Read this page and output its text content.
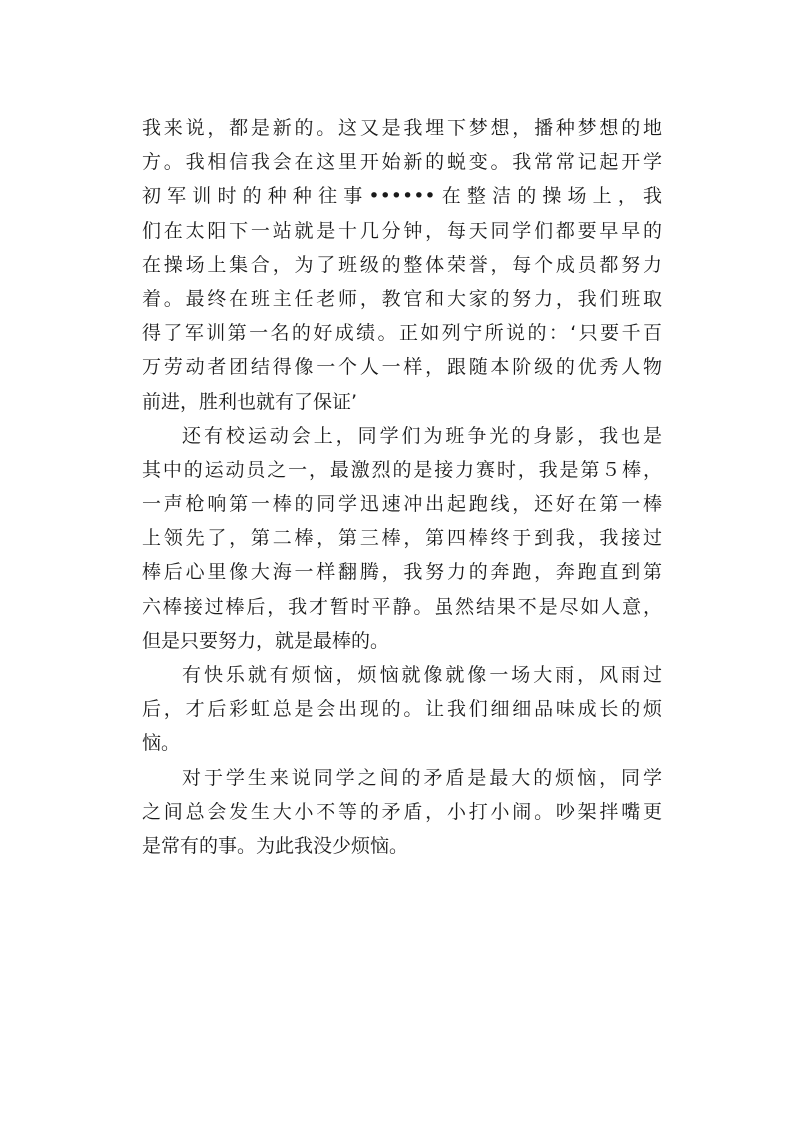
我来说，都是新的。这又是我埋下梦想，播种梦想的地
方。我相信我会在这里开始新的蜕变。我常常记起开学
初军训时的种种往事••••••在整洁的操场上，我
们在太阳下一站就是十几分钟，每天同学们都要早早的
在操场上集合，为了班级的整体荣誉，每个成员都努力
着。最终在班主任老师，教官和大家的努力，我们班取
得了军训第一名的好成绩。正如列宁所说的：‘只要千百
万劳动者团结得像一个人一样，跟随本阶级的优秀人物
前进，胜利也就有了保证’
还有校运动会上，同学们为班争光的身影，我也是
其中的运动员之一，最激烈的是接力赛时，我是第５棒，
一声枪响第一棒的同学迅速冲出起跑线，还好在第一棒
上领先了，第二棒，第三棒，第四棒终于到我，我接过
棒后心里像大海一样翻腾，我努力的奔跑，奔跑直到第
六棒接过棒后，我才暂时平静。虽然结果不是尽如人意，
但是只要努力，就是最棒的。
有快乐就有烦恼，烦恼就像就像一场大雨，风雨过
后，才后彩虹总是会出现的。让我们细细品味成长的烦
恼。
对于学生来说同学之间的矛盾是最大的烦恼，同学
之间总会发生大小不等的矛盾，小打小闹。吵架拌嘴更
是常有的事。为此我没少烦恼。
